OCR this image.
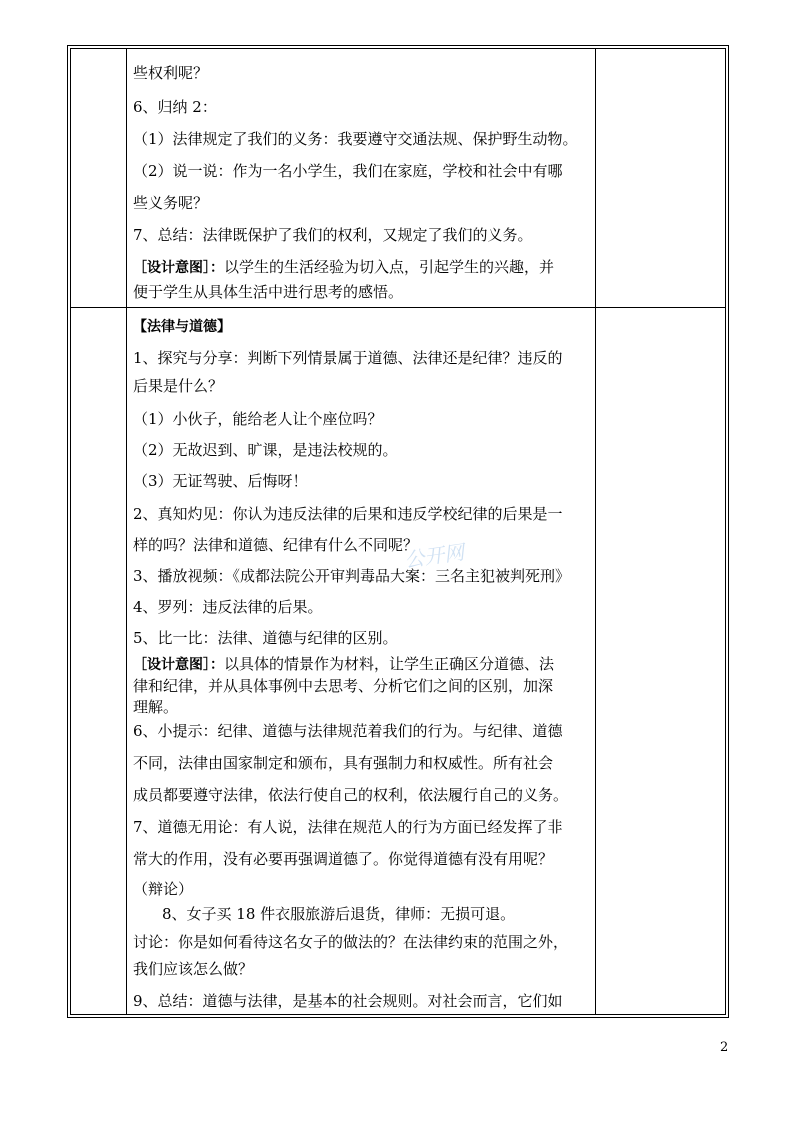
些权利呢？
6、归纳 2：
（1）法律规定了我们的义务：我要遵守交通法规、保护野生动物。
（2）说一说：作为一名小学生，我们在家庭，学校和社会中有哪
些义务呢？
7、总结：法律既保护了我们的权利，又规定了我们的义务。
［设计意图］：以学生的生活经验为切入点，引起学生的兴趣，并
便于学生从具体生活中进行思考的感悟。
【法律与道德】
1、探究与分享：判断下列情景属于道德、法律还是纪律？违反的
后果是什么？
（1）小伙子，能给老人让个座位吗？
（2）无故迟到、旷课，是违法校规的。
（3）无证驾驶、后悔呀！
2、真知灼见：你认为违反法律的后果和违反学校纪律的后果是一
样的吗？法律和道德、纪律有什么不同呢？
3、播放视频：《成都法院公开审判毒品大案：三名主犯被判死刑》
4、罗列：违反法律的后果。
5、比一比：法律、道德与纪律的区别。
［设计意图］：以具体的情景作为材料，让学生正确区分道德、法
律和纪律，并从具体事例中去思考、分析它们之间的区别，加深
理解。
6、小提示：纪律、道德与法律规范着我们的行为。与纪律、道德
不同，法律由国家制定和颁布，具有强制力和权威性。所有社会
成员都要遵守法律，依法行使自己的权利，依法履行自己的义务。
7、道德无用论：有人说，法律在规范人的行为方面已经发挥了非
常大的作用，没有必要再强调道德了。你觉得道德有没有用呢？
（辩论）
8、女子买 18 件衣服旅游后退货，律师：无损可退。
讨论：你是如何看待这名女子的做法的？在法律约束的范围之外，
我们应该怎么做？
9、总结：道德与法律，是基本的社会规则。对社会而言，它们如
公开网
2
